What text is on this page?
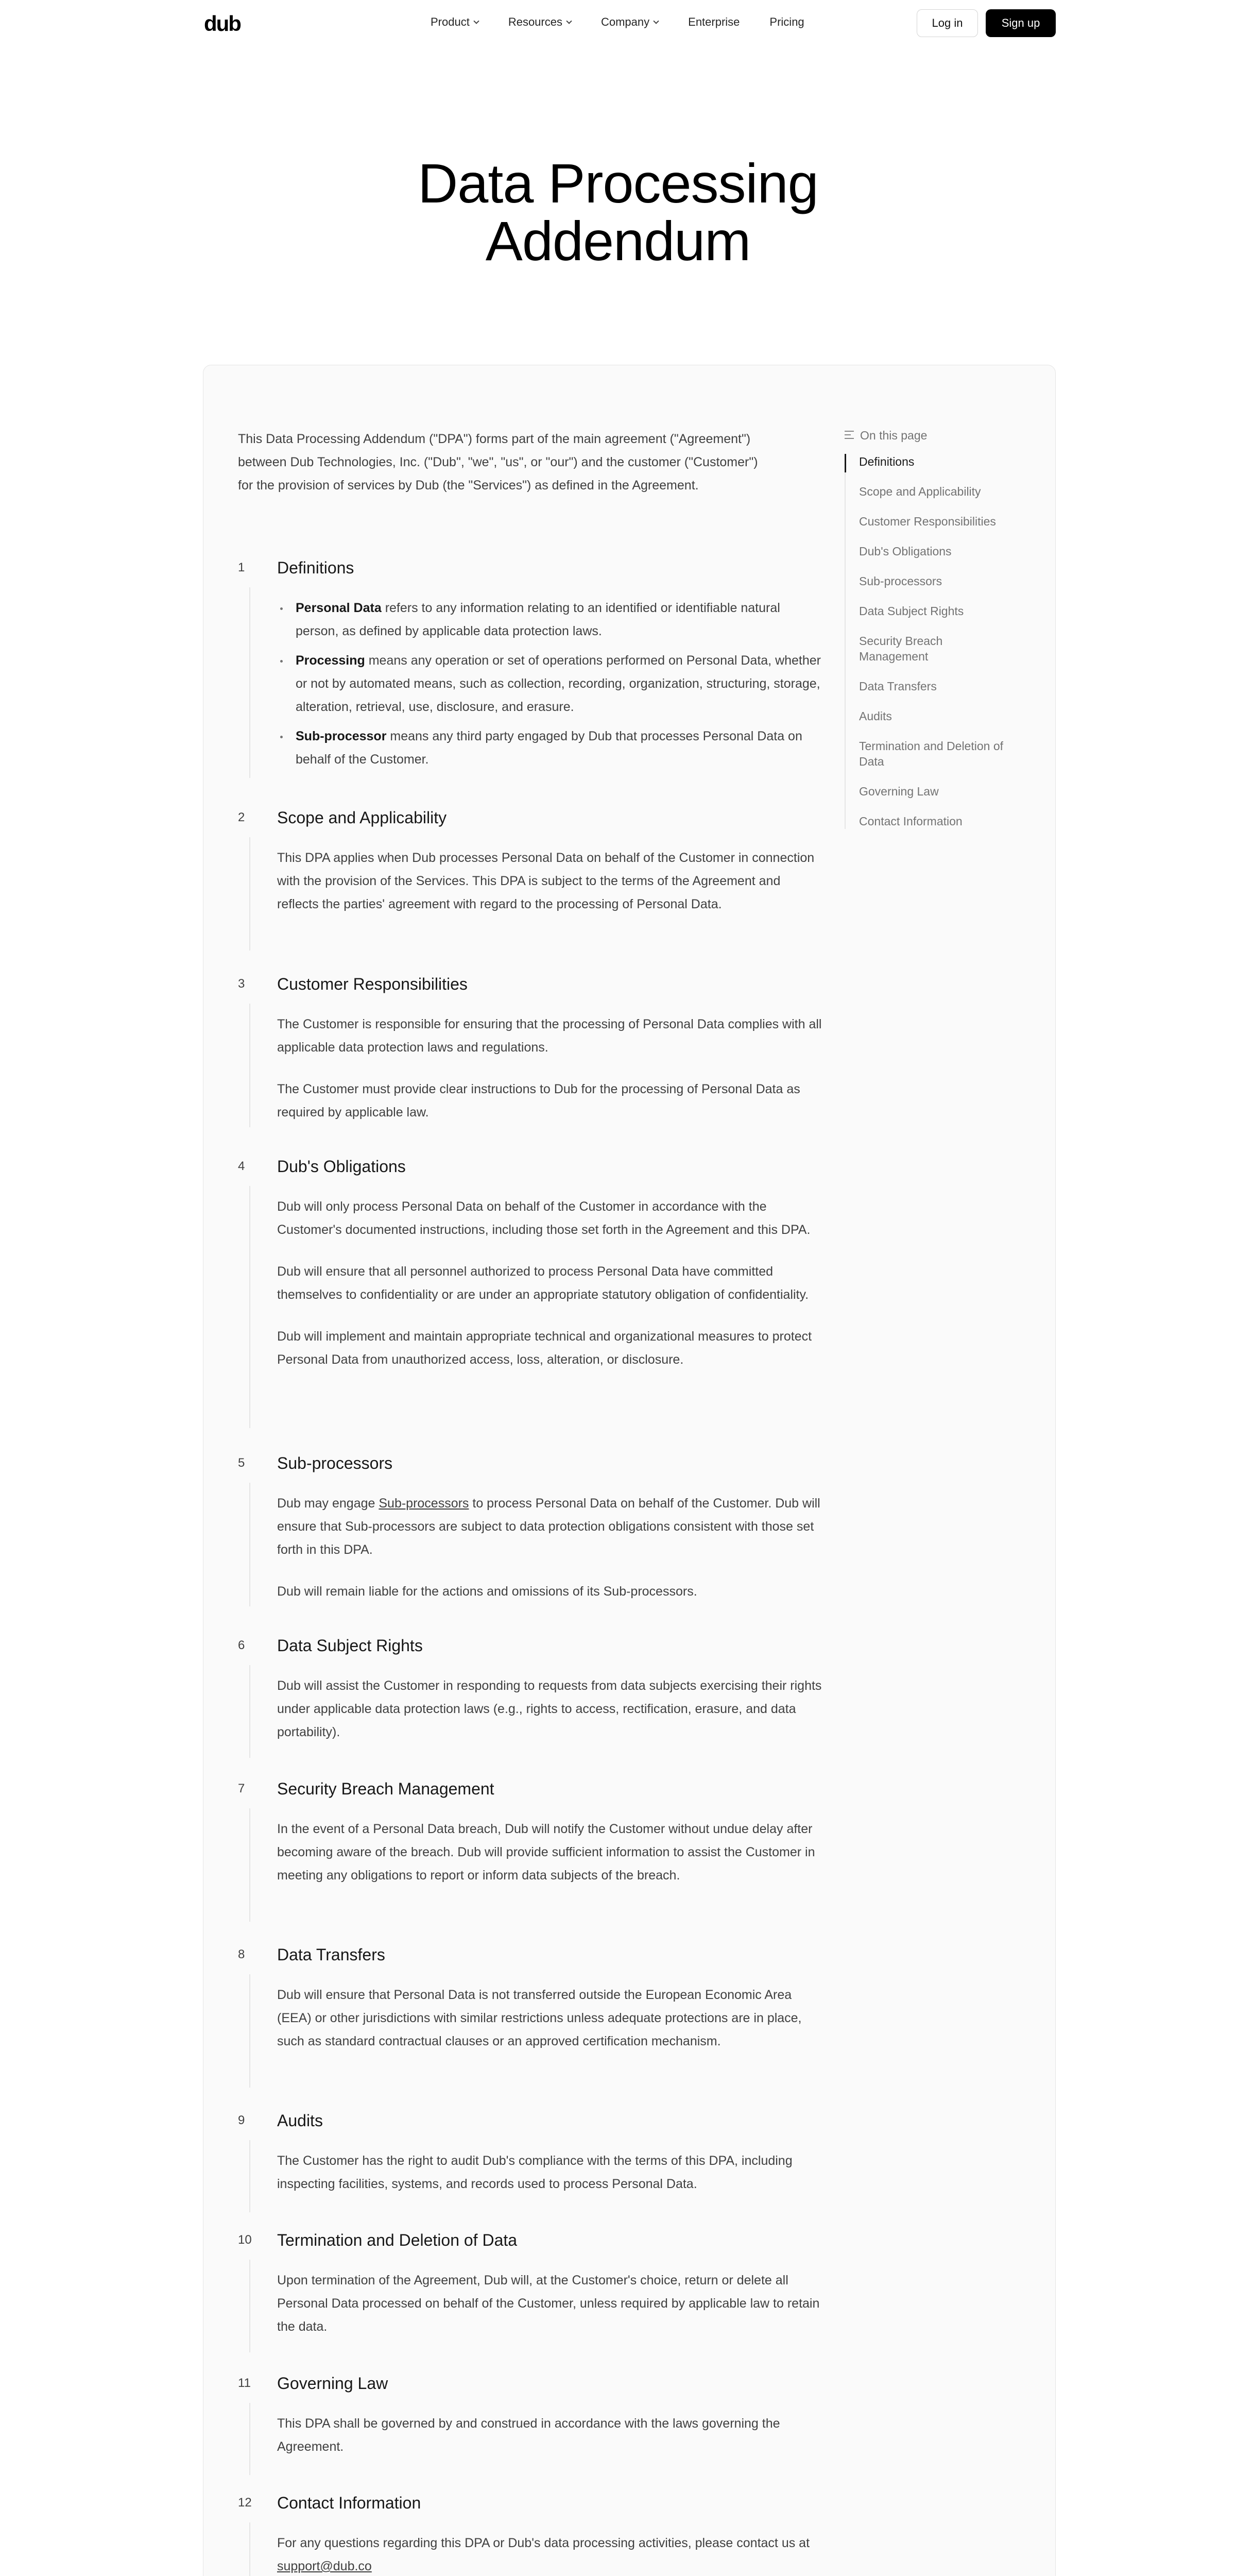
dub	Product	Resources	Company	Enterprise	Pricing	Log in	Sign up
Data Processing
Addendum
This Data Processing Addendum ("DPA") forms part of the main agreement ("Agreement") between Dub Technologies, Inc. ("Dub", "we", "us", or "our") and the customer ("Customer") for the provision of services by Dub (the "Services") as defined in the Agreement.
1	Definitions
Personal Data refers to any information relating to an identified or identifiable natural person, as defined by applicable data protection laws.
Processing means any operation or set of operations performed on Personal Data, whether or not by automated means, such as collection, recording, organization, structuring, storage, alteration, retrieval, use, disclosure, and erasure.
Sub-processor means any third party engaged by Dub that processes Personal Data on behalf of the Customer.
2	Scope and Applicability

This DPA applies when Dub processes Personal Data on behalf of the Customer in connection with the provision of the Services. This DPA is subject to the terms of the Agreement and reflects the parties' agreement with regard to the processing of Personal Data.

3	Customer Responsibilities

The Customer is responsible for ensuring that the processing of Personal Data complies with all applicable data protection laws and regulations.

The Customer must provide clear instructions to Dub for the processing of Personal Data as required by applicable law.

4	Dub's Obligations

Dub will only process Personal Data on behalf of the Customer in accordance with the Customer's documented instructions, including those set forth in the Agreement and this DPA.

Dub will ensure that all personnel authorized to process Personal Data have committed themselves to confidentiality or are under an appropriate statutory obligation of confidentiality.

Dub will implement and maintain appropriate technical and organizational measures to protect Personal Data from unauthorized access, loss, alteration, or disclosure.

5	Sub-processors

Dub may engage Sub-processors to process Personal Data on behalf of the Customer. Dub will ensure that Sub-processors are subject to data protection obligations consistent with those set forth in this DPA.

Dub will remain liable for the actions and omissions of its Sub-processors.

6	Data Subject Rights

Dub will assist the Customer in responding to requests from data subjects exercising their rights under applicable data protection laws (e.g., rights to access, rectification, erasure, and data portability).

7	Security Breach Management

In the event of a Personal Data breach, Dub will notify the Customer without undue delay after becoming aware of the breach. Dub will provide sufficient information to assist the Customer in meeting any obligations to report or inform data subjects of the breach.

8	Data Transfers

Dub will ensure that Personal Data is not transferred outside the European Economic Area (EEA) or other jurisdictions with similar restrictions unless adequate protections are in place, such as standard contractual clauses or an approved certification mechanism.

9	Audits

The Customer has the right to audit Dub's compliance with the terms of this DPA, including inspecting facilities, systems, and records used to process Personal Data.

10 Termination and Deletion of Data

Upon termination of the Agreement, Dub will, at the Customer's choice, return or delete all Personal Data processed on behalf of the Customer, unless required by applicable law to retain the data.

11 Governing Law

This DPA shall be governed by and construed in accordance with the laws governing the Agreement.

12 Contact Information

For any questions regarding this DPA or Dub's data processing activities, please contact us at support@dub.co

On this page
Definitions
Scope and Applicability
Customer Responsibilities
Dub's Obligations
Sub-processors
Data Subject Rights
Security Breach Management
Data Transfers
Audits
Termination and Deletion of Data
Governing Law
Contact Information
